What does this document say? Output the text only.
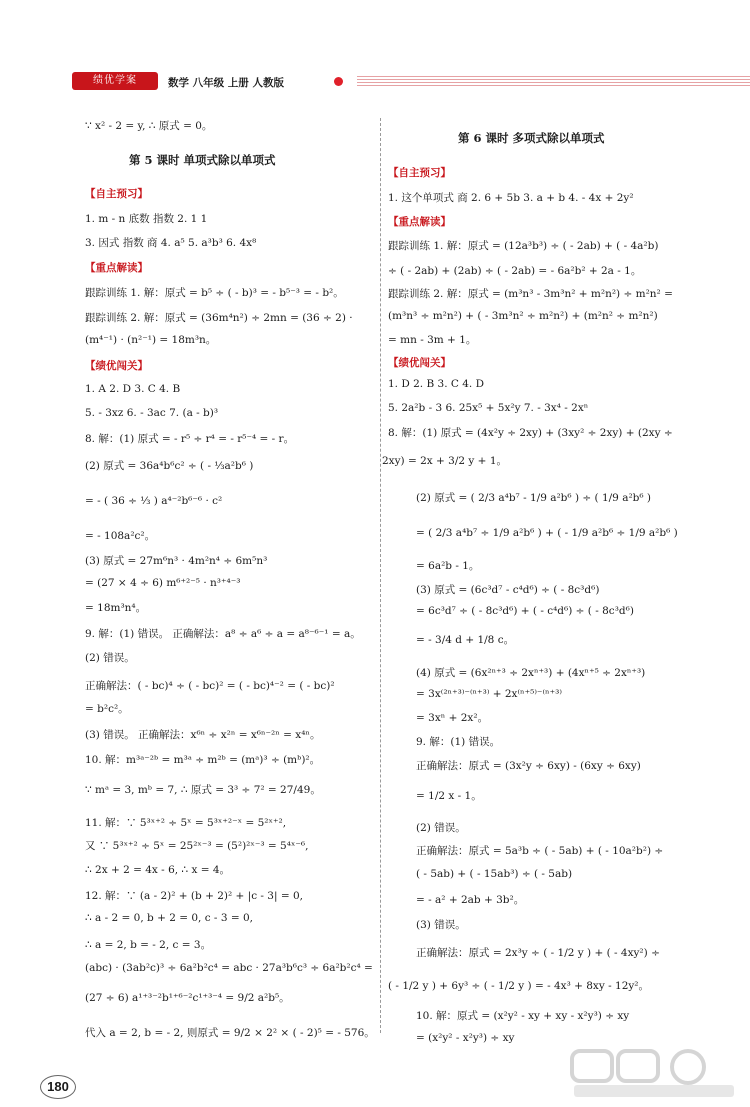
绩优学案	数学 八年级 上册 人教版
∵ x² - 2 = y, ∴ 原式 = 0。
第 5 课时 单项式除以单项式
【自主预习】
1. m - n 底数 指数 2. 1 1
3. 因式 指数 商 4. a⁵ 5. a³b³ 6. 4x⁸
【重点解读】
跟踪训练 1. 解：原式 = b⁵ ÷ ( - b)³ = - b⁵⁻³ = - b²。
跟踪训练 2. 解：原式 = (36m⁴n²) ÷ 2mn = (36 ÷ 2) ·
(m⁴⁻¹) · (n²⁻¹) = 18m³n。
【绩优闯关】
1. A 2. D 3. C 4. B
5. - 3xz 6. - 3ac 7. (a - b)³
8. 解：(1) 原式 = - r⁵ ÷ r⁴ = - r⁵⁻⁴ = - r。
(2) 原式 = 36a⁴b⁶c² ÷ ( - ⅓a²b⁶ )
= - ( 36 ÷ ⅓ ) a⁴⁻²b⁶⁻⁶ · c²
= - 108a²c²。
(3) 原式 = 27m⁶n³ · 4m²n⁴ ÷ 6m⁵n³
= (27 × 4 ÷ 6) m⁶⁺²⁻⁵ · n³⁺⁴⁻³
= 18m³n⁴。
9. 解：(1) 错误。 正确解法：a⁸ ÷ a⁶ ÷ a = a⁸⁻⁶⁻¹ = a。
(2) 错误。
正确解法：( - bc)⁴ ÷ ( - bc)² = ( - bc)⁴⁻² = ( - bc)²
= b²c²。
(3) 错误。 正确解法：x⁶ⁿ ÷ x²ⁿ = x⁶ⁿ⁻²ⁿ = x⁴ⁿ。
10. 解：m³ᵃ⁻²ᵇ = m³ᵃ ÷ m²ᵇ = (mᵃ)³ ÷ (mᵇ)²。
∵ mᵃ = 3, mᵇ = 7, ∴ 原式 = 3³ ÷ 7² = 27/49。
11. 解：∵ 5³ˣ⁺² ÷ 5ˣ = 5³ˣ⁺²⁻ˣ = 5²ˣ⁺²,
又 ∵ 5³ˣ⁺² ÷ 5ˣ = 25²ˣ⁻³ = (5²)²ˣ⁻³ = 5⁴ˣ⁻⁶,
∴ 2x + 2 = 4x - 6, ∴ x = 4。
12. 解：∵ (a - 2)² + (b + 2)² + |c - 3| = 0,
∴ a - 2 = 0, b + 2 = 0, c - 3 = 0,
∴ a = 2, b = - 2, c = 3。
(abc) · (3ab²c)³ ÷ 6a²b²c⁴ = abc · 27a³b⁶c³ ÷ 6a²b²c⁴ =
(27 ÷ 6) a¹⁺³⁻²b¹⁺⁶⁻²c¹⁺³⁻⁴ = 9/2 a²b⁵。
代入 a = 2, b = - 2, 则原式 = 9/2 × 2² × ( - 2)⁵ = - 576。
第 6 课时 多项式除以单项式
【自主预习】
1. 这个单项式 商 2. 6 + 5b 3. a + b 4. - 4x + 2y²
【重点解读】
跟踪训练 1. 解：原式 = (12a³b³) ÷ ( - 2ab) + ( - 4a²b)
÷ ( - 2ab) + (2ab) ÷ ( - 2ab) = - 6a²b² + 2a - 1。
跟踪训练 2. 解：原式 = (m³n³ - 3m³n² + m²n²) ÷ m²n² =
(m³n³ ÷ m²n²) + ( - 3m³n² ÷ m²n²) + (m²n² ÷ m²n²)
= mn - 3m + 1。
【绩优闯关】
1. D 2. B 3. C 4. D
5. 2a²b - 3 6. 25x⁵ + 5x²y 7. - 3x⁴ - 2xⁿ
8. 解：(1) 原式 = (4x²y ÷ 2xy) + (3xy² ÷ 2xy) + (2xy ÷
2xy) = 2x + 3/2 y + 1。
(2) 原式 = ( 2/3 a⁴b⁷ - 1/9 a²b⁶ ) ÷ ( 1/9 a²b⁶ )
= ( 2/3 a⁴b⁷ ÷ 1/9 a²b⁶ ) + ( - 1/9 a²b⁶ ÷ 1/9 a²b⁶ )
= 6a²b - 1。
(3) 原式 = (6c³d⁷ - c⁴d⁶) ÷ ( - 8c³d⁶)
= 6c³d⁷ ÷ ( - 8c³d⁶) + ( - c⁴d⁶) ÷ ( - 8c³d⁶)
= - 3/4 d + 1/8 c。
(4) 原式 = (6x²ⁿ⁺³ ÷ 2xⁿ⁺³) + (4xⁿ⁺⁵ ÷ 2xⁿ⁺³)
= 3x⁽²ⁿ⁺³⁾⁻⁽ⁿ⁺³⁾ + 2x⁽ⁿ⁺⁵⁾⁻⁽ⁿ⁺³⁾
= 3xⁿ + 2x²。
9. 解：(1) 错误。
正确解法：原式 = (3x²y ÷ 6xy) - (6xy ÷ 6xy)
= 1/2 x - 1。
(2) 错误。
正确解法：原式 = 5a³b ÷ ( - 5ab) + ( - 10a²b²) ÷
( - 5ab) + ( - 15ab³) ÷ ( - 5ab)
= - a² + 2ab + 3b²。
(3) 错误。
正确解法：原式 = 2x³y ÷ ( - 1/2 y ) + ( - 4xy²) ÷
( - 1/2 y ) + 6y³ ÷ ( - 1/2 y ) = - 4x³ + 8xy - 12y²。
10. 解：原式 = (x²y² - xy + xy - x²y³) ÷ xy
= (x²y² - x²y³) ÷ xy
180
